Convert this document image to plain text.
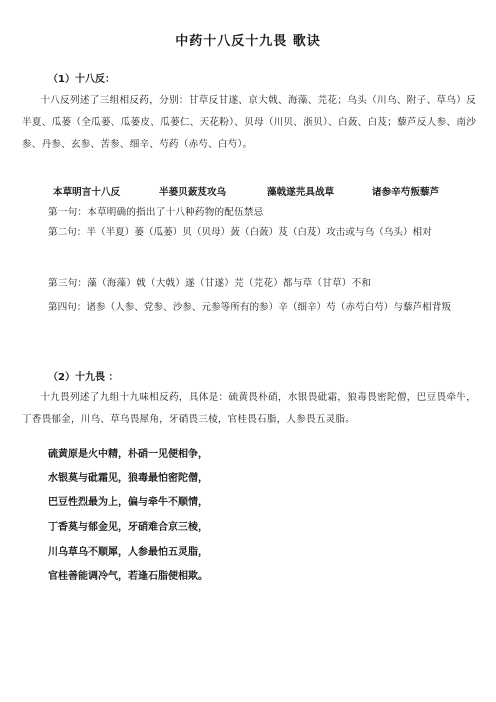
中药十八反十九畏 歌诀
（1）十八反：
十八反列述了三组相反药，分别：甘草反甘遂、京大戟、海藻、芫花；乌头（川乌、附子、草乌）反半夏、瓜蒌（全瓜蒌、瓜蒌皮、瓜蒌仁、天花粉）、贝母（川贝、浙贝）、白蔹、白芨；藜芦反人参、南沙参、丹参、玄参、苦参、细辛、芍药（赤芍、白芍）。
本草明言十八反	半蒌贝蔹芨攻乌	藻戟遂芫具战草	诸参辛芍叛藜芦
第一句：本草明确的指出了十八种药物的配伍禁忌
第二句：半（半夏）蒌（瓜蒌）贝（贝母）蔹（白蔹）芨（白芨）攻击或与乌（乌头）相对
第三句：藻（海藻）戟（大戟）遂（甘遂）芫（芫花）都与草（甘草）不和
第四句：诸参（人参、党参、沙参、元参等所有的参）辛（细辛）芍（赤芍白芍）与藜芦相背叛
（2）十九畏 ：
十九畏列述了九组十九味相反药，具体是：硫黄畏朴硝，水银畏砒霜，狼毒畏密陀僧，巴豆畏牵牛，丁香畏郁金，川乌、草乌畏犀角，牙硝畏三棱，官桂畏石脂，人参畏五灵脂。
硫黄原是火中精，朴硝一见便相争，
水银莫与砒霜见，狼毒最怕密陀僧，
巴豆性烈最为上，偏与牵牛不顺情，
丁香莫与郁金见，牙硝难合京三棱，
川乌草乌不顺犀，人参最怕五灵脂，
官桂善能调冷气，若逢石脂便相欺。
